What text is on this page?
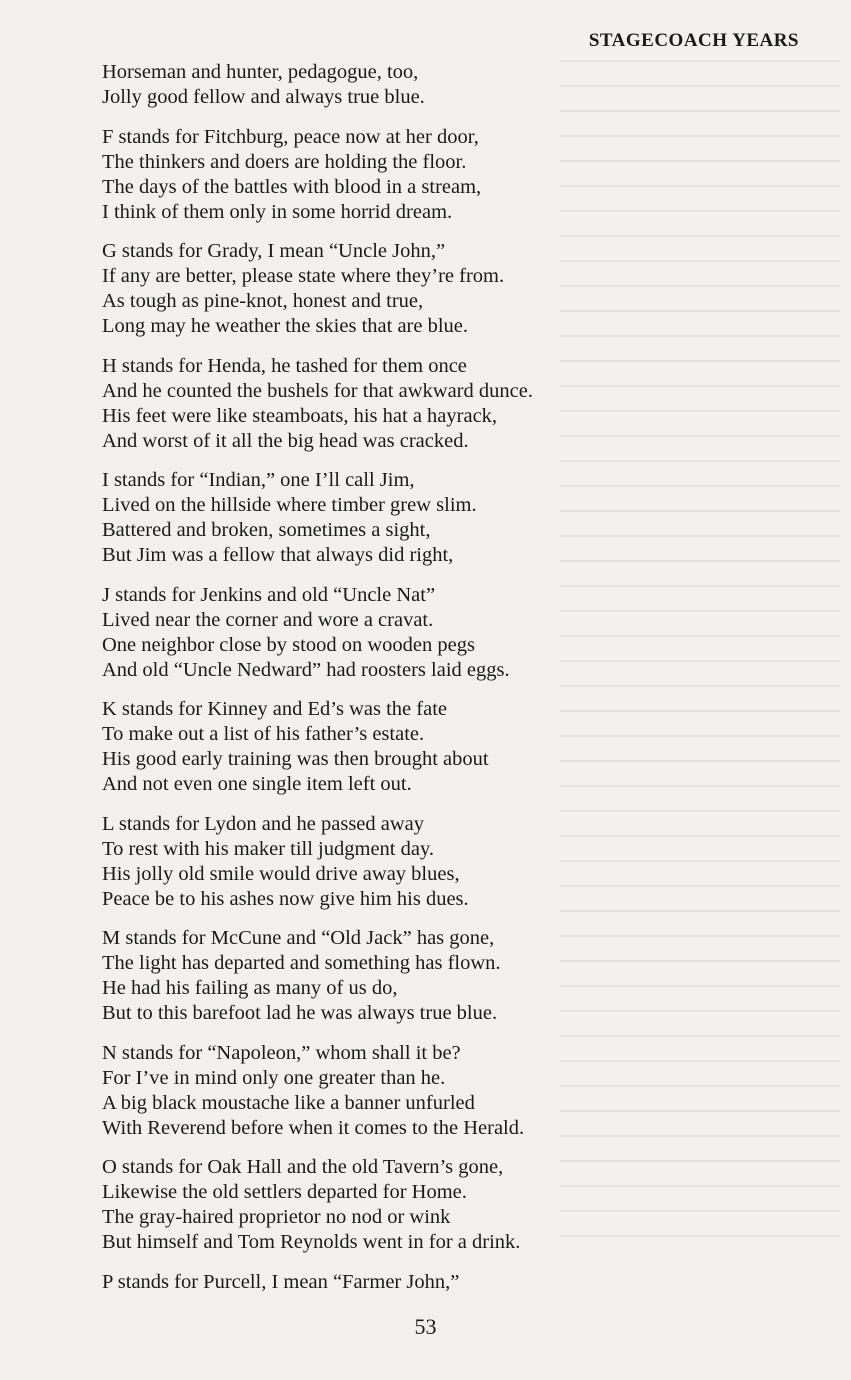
STAGECOACH YEARS
Horseman and hunter, pedagogue, too,
Jolly good fellow and always true blue.
F stands for Fitchburg, peace now at her door,
The thinkers and doers are holding the floor.
The days of the battles with blood in a stream,
I think of them only in some horrid dream.
G stands for Grady, I mean “Uncle John,”
If any are better, please state where they’re from.
As tough as pine-knot, honest and true,
Long may he weather the skies that are blue.
H stands for Henda, he tashed for them once
And he counted the bushels for that awkward dunce.
His feet were like steamboats, his hat a hayrack,
And worst of it all the big head was cracked.
I stands for “Indian,” one I’ll call Jim,
Lived on the hillside where timber grew slim.
Battered and broken, sometimes a sight,
But Jim was a fellow that always did right,
J stands for Jenkins and old “Uncle Nat”
Lived near the corner and wore a cravat.
One neighbor close by stood on wooden pegs
And old “Uncle Nedward” had roosters laid eggs.
K stands for Kinney and Ed’s was the fate
To make out a list of his father’s estate.
His good early training was then brought about
And not even one single item left out.
L stands for Lydon and he passed away
To rest with his maker till judgment day.
His jolly old smile would drive away blues,
Peace be to his ashes now give him his dues.
M stands for McCune and “Old Jack” has gone,
The light has departed and something has flown.
He had his failing as many of us do,
But to this barefoot lad he was always true blue.
N stands for “Napoleon,” whom shall it be?
For I’ve in mind only one greater than he.
A big black moustache like a banner unfurled
With Reverend before when it comes to the Herald.
O stands for Oak Hall and the old Tavern’s gone,
Likewise the old settlers departed for Home.
The gray-haired proprietor no nod or wink
But himself and Tom Reynolds went in for a drink.
P stands for Purcell, I mean “Farmer John,”
53
